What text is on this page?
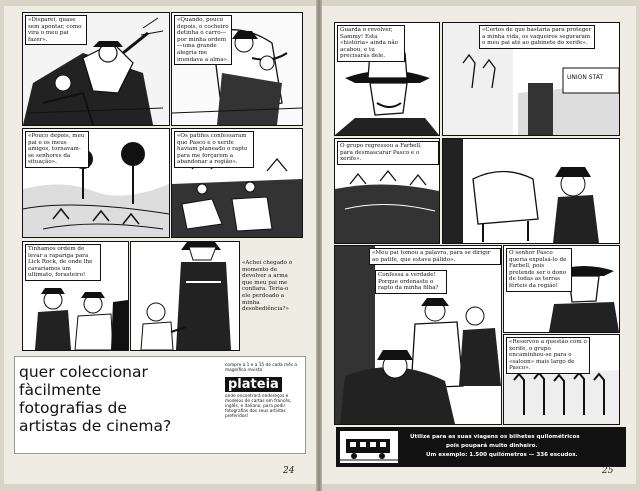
«Disparei, quase sem apontar, como vira o meu pai fazer».
«Quando, pouco depois, o cocheiro detinha o carro—por minha ordem—uma grande alegria me inundava a alma».
«Pouco depois, meu pai e os meus amigos, tornavam-se senhores da situação».
«Os patifes confessaram que Pasco e o xerife haviam planeado o rapto para me forçarem a abandonar a região».
Tínhamos ordem de levar a rapariga para Lick Rock, de onde lhe cavaríamos um ultimato, forasteiro!
«Achei chegado o momento de devolver a arma que meu pai me confiara. Teria-o ele perdoado a minha desobediência?»
quer coleccionar
fàcilmente
fotografias de
artistas de cinema?
compre a 1 e a 15 de cada mês a magnífica revista
plateia
onde encontrará endereços e modelos de cartas em francês, inglês, e italiano, para pedir fotografias dos seus artistas preferidos!
24
Guarda o revólver, Sammy! Esta «história» ainda não acabou, e tu precisarás dele.
UNION STAT
«Certos de que bastaria para proteger a minha vida, os vaqueiros seguraram o meu pai até ao gabinete do xerife».
O grupo regressou a Farbell, para desmascarar Pasco e o xerife».
«Meu pai tomou a palavra, para se dirigir ao patife, que estava pálido».
Confessa a verdade! Porque ordenaste o rapto da minha filha?
O senhor Pasco queria expulsá-lo de Farbell, pois pretende ser o dono de todas as terras férteis da região!
«Reservou a questão com o xerife, o grupo encaminhou-se para o «saloon» mais largo de Pasco».
Utilize para as suas viagens os bilhetes quilométricos
pois poupará muito dinheiro.
Um exemplo: 1.500 quilómetros — 336 escudos.
25
